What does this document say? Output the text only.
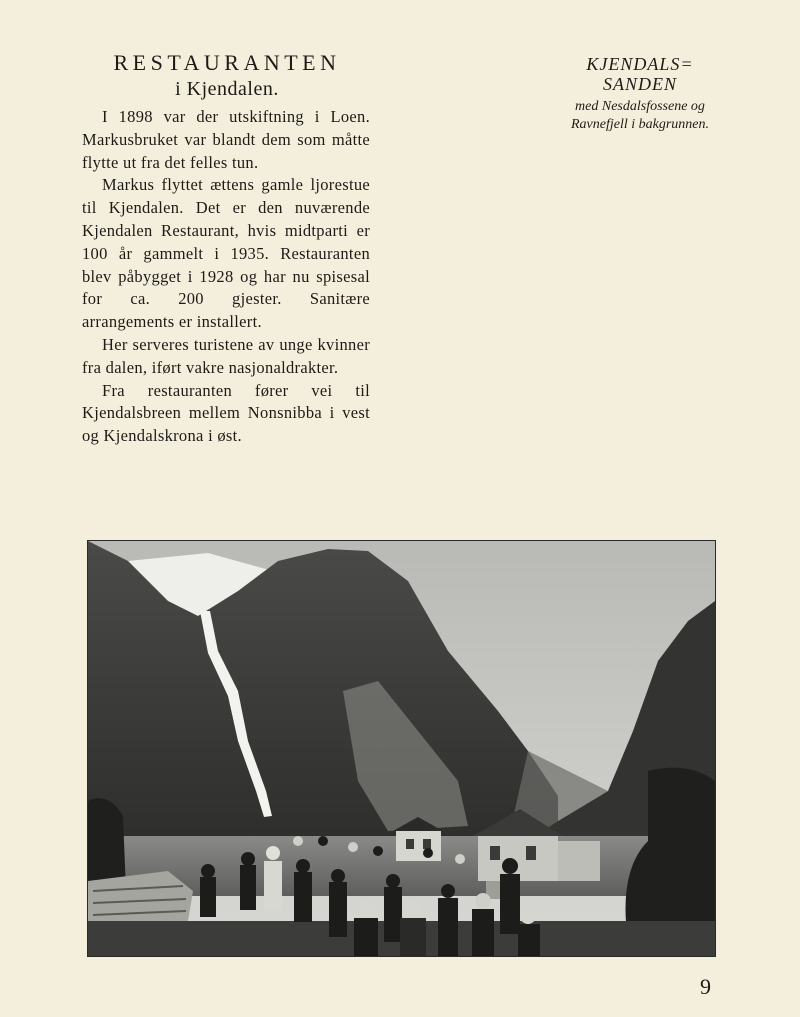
RESTAURANTEN
i Kjendalen.

I 1898 var der utskiftning i Loen. Markusbruket var blandt dem som måtte flytte ut fra det felles tun.

Markus flyttet ættens gamle ljorestue til Kjendalen. Det er den nuværende Kjendalen Restaurant, hvis midtparti er 100 år gammelt i 1935. Restauranten blev påbygget i 1928 og har nu spisesal for ca. 200 gjester. Sanitære arrangements er installert.

Her serveres turistene av unge kvinner fra dalen, iført vakre nasjonaldrakter.

Fra restauranten fører vei til Kjendalsbreen mellem Nonsnibba i vest og Kjendalskrona i øst.

KJENDALS=
SANDEN
med Nesdalsfossene og
Ravnefjell i bakgrunnen.
9
